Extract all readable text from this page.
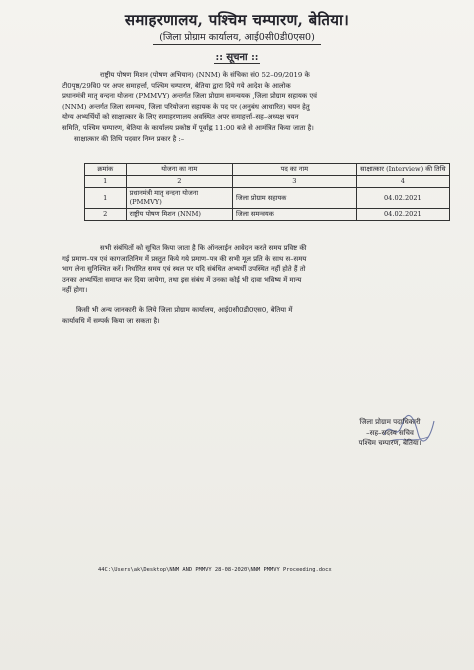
समाहरणालय, पश्चिम चम्पारण, बेतिया।
(जिला प्रोग्राम कार्यालय, आई0सी0डी0एस0)
:: सूचना ::
राष्ट्रीय पोषण मिशन (पोषण अभियान) (NNM) के संचिका सं0 52–09/2019 के
टी0पृष्ठ/29वि0 पर अपर समाहर्त्ता, पश्चिम चम्पारण, बेतिया द्वारा दिये गये आदेश के आलोक
प्रधानमंत्री मातृ वन्दना योजना (PMMVY) अन्तर्गत जिला प्रोग्राम समन्वयक ,जिला प्रोग्राम सहायक एवं
(NNM) अन्तर्गत जिला समन्वय, जिला परियोजना सहायक के पद पर (अनुबंध आधारित) चयन हेतु
योग्य अभ्यर्थियों को साक्षात्कार के लिए समाहरणालय अवस्थित अपर समाहर्त्ता–सह–अध्यक्ष चयन
समिति, पश्चिम चम्पारण, बेतिया के कार्यालय प्रकोष्ठ में पूर्वाह्न 11:00 बजे से आमंत्रित किया जाता है।
साक्षात्कार की तिथि पदवार निम्न प्रकार है :–
क्रमांक	योजना का नाम	पद का नाम	साक्षात्कार (Interview) की तिथि
1	2	3	4
1	प्रधानमंत्री मातृ वन्दना योजना (PMMVY)	जिला प्रोग्राम सहायक	04.02.2021
2	राष्ट्रीय पोषण मिशन (NNM)	जिला समन्वयक	04.02.2021
सभी संबंधितों को सूचित किया जाता है कि ऑनलाईन आवेदन करते समय प्रविष्ट की
गई प्रमाण–पत्र एवं कागजातिनिम में प्रस्तुत किये गये प्रमाण–पत्र की सभी मूल प्रति के साथ स–समय
भाग लेना सुनिश्चित करें। निर्धारित समय एवं स्थल पर यदि संबंधित अभ्यर्थी उपस्थित नहीं होते हैं तो
उनका अभ्यर्थिता समाप्त कर दिया जायेगा, तथा इस संबंध में उनका कोई भी दावा भविष्य में मान्य
नहीं होगा।
किसी भी अन्य जानकारी के लिये जिला प्रोग्राम कार्यालय, आई0सी0डी0एस0, बेतिया में
कार्यावधि में सम्पर्क किया जा सकता है।
जिला प्रोग्राम पदाधिकारी
–सह–सदस्य सचिव
पश्चिम चम्पारण, बेतिया।
44C:\Users\ak\Desktop\NNM AND PMMVY 28-08-2020\NNM PMMVY Proceeding.docx
